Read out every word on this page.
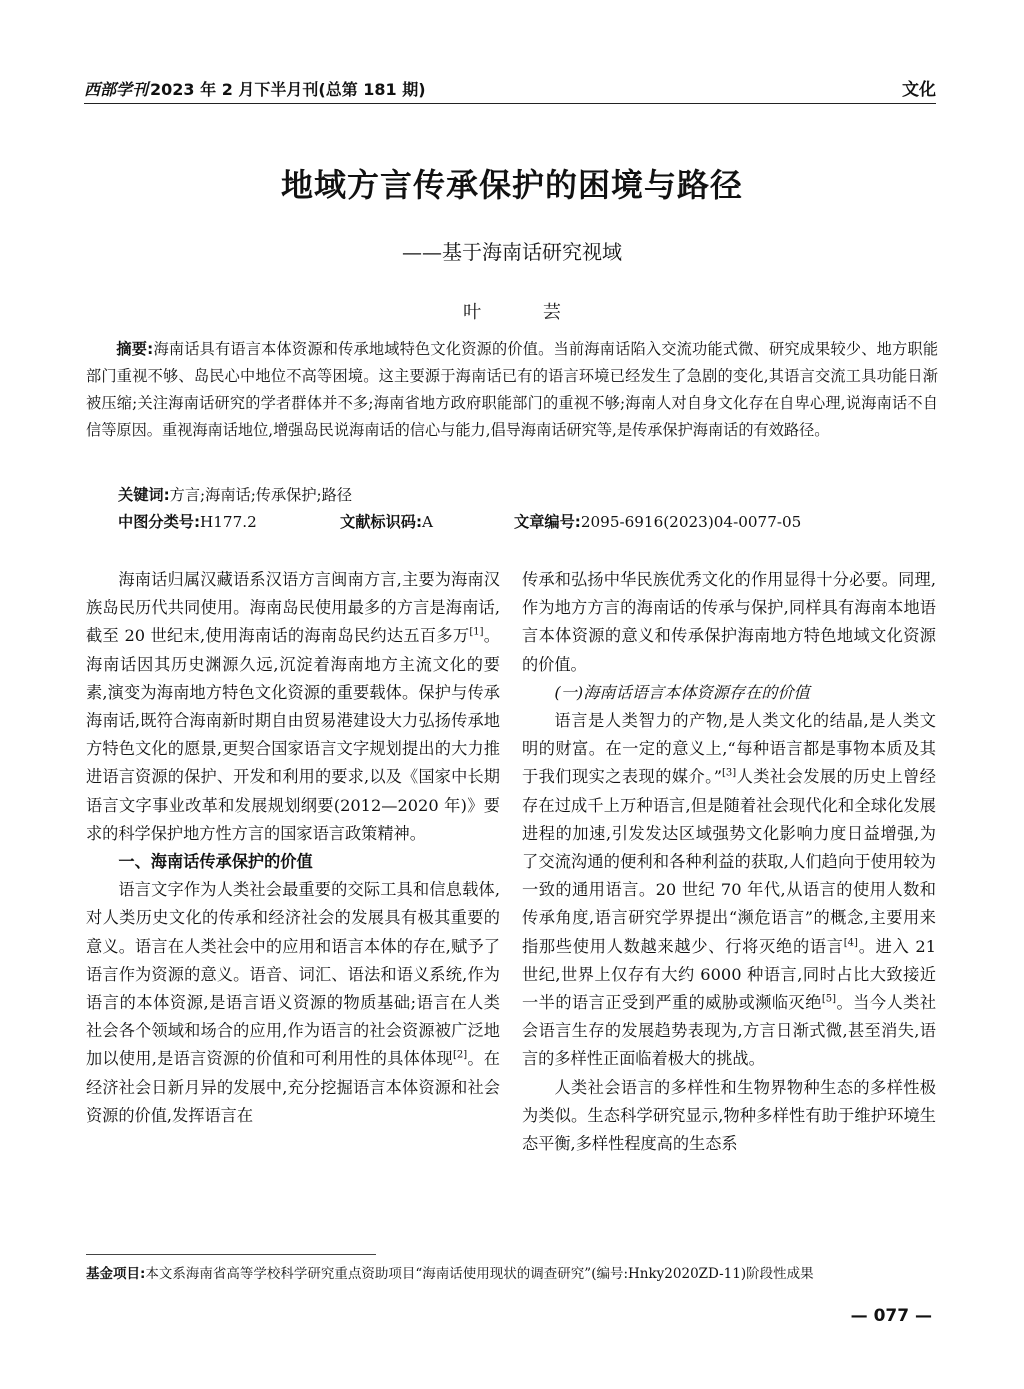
西部学刊 2023 年 2 月下半月刊(总第 181 期)	文化
地域方言传承保护的困境与路径
——基于海南话研究视域
叶 芸
摘要:海南话具有语言本体资源和传承地域特色文化资源的价值。当前海南话陷入交流功能式微、研究成果较少、地方职能部门重视不够、岛民心中地位不高等困境。这主要源于海南话已有的语言环境已经发生了急剧的变化,其语言交流工具功能日渐被压缩;关注海南话研究的学者群体并不多;海南省地方政府职能部门的重视不够;海南人对自身文化存在自卑心理,说海南话不自信等原因。重视海南话地位,增强岛民说海南话的信心与能力,倡导海南话研究等,是传承保护海南话的有效路径。
关键词:方言;海南话;传承保护;路径
中图分类号:H177.2	文献标识码:A	文章编号:2095-6916(2023)04-0077-05

海南话归属汉藏语系汉语方言闽南方言,主要为海南汉族岛民历代共同使用。海南岛民使用最多的方言是海南话,截至 20 世纪末,使用海南话的海南岛民约达五百多万[1]。海南话因其历史渊源久远,沉淀着海南地方主流文化的要素,演变为海南地方特色文化资源的重要载体。保护与传承海南话,既符合海南新时期自由贸易港建设大力弘扬传承地方特色文化的愿景,更契合国家语言文字规划提出的大力推进语言资源的保护、开发和利用的要求,以及《国家中长期语言文字事业改革和发展规划纲要(2012—2020 年)》要求的科学保护地方性方言的国家语言政策精神。

一、海南话传承保护的价值

语言文字作为人类社会最重要的交际工具和信息载体,对人类历史文化的传承和经济社会的发展具有极其重要的意义。语言在人类社会中的应用和语言本体的存在,赋予了语言作为资源的意义。语音、词汇、语法和语义系统,作为语言的本体资源,是语言语义资源的物质基础;语言在人类社会各个领域和场合的应用,作为语言的社会资源被广泛地加以使用,是语言资源的价值和可利用性的具体体现[2]。在经济社会日新月异的发展中,充分挖掘语言本体资源和社会资源的价值,发挥语言在

传承和弘扬中华民族优秀文化的作用显得十分必要。同理,作为地方方言的海南话的传承与保护,同样具有海南本地语言本体资源的意义和传承保护海南地方特色地域文化资源的价值。

(一)海南话语言本体资源存在的价值

语言是人类智力的产物,是人类文化的结晶,是人类文明的财富。在一定的意义上,“每种语言都是事物本质及其于我们现实之表现的媒介。”[3]人类社会发展的历史上曾经存在过成千上万种语言,但是随着社会现代化和全球化发展进程的加速,引发发达区域强势文化影响力度日益增强,为了交流沟通的便利和各种利益的获取,人们趋向于使用较为一致的通用语言。20 世纪 70 年代,从语言的使用人数和传承角度,语言研究学界提出“濒危语言”的概念,主要用来指那些使用人数越来越少、行将灭绝的语言[4]。进入 21 世纪,世界上仅存有大约 6000 种语言,同时占比大致接近一半的语言正受到严重的威胁或濒临灭绝[5]。当今人类社会语言生存的发展趋势表现为,方言日渐式微,甚至消失,语言的多样性正面临着极大的挑战。

人类社会语言的多样性和生物界物种生态的多样性极为类似。生态科学研究显示,物种多样性有助于维护环境生态平衡,多样性程度高的生态系

基金项目:本文系海南省高等学校科学研究重点资助项目“海南话使用现状的调查研究”(编号:Hnky2020ZD-11)阶段性成果
— 077 —
